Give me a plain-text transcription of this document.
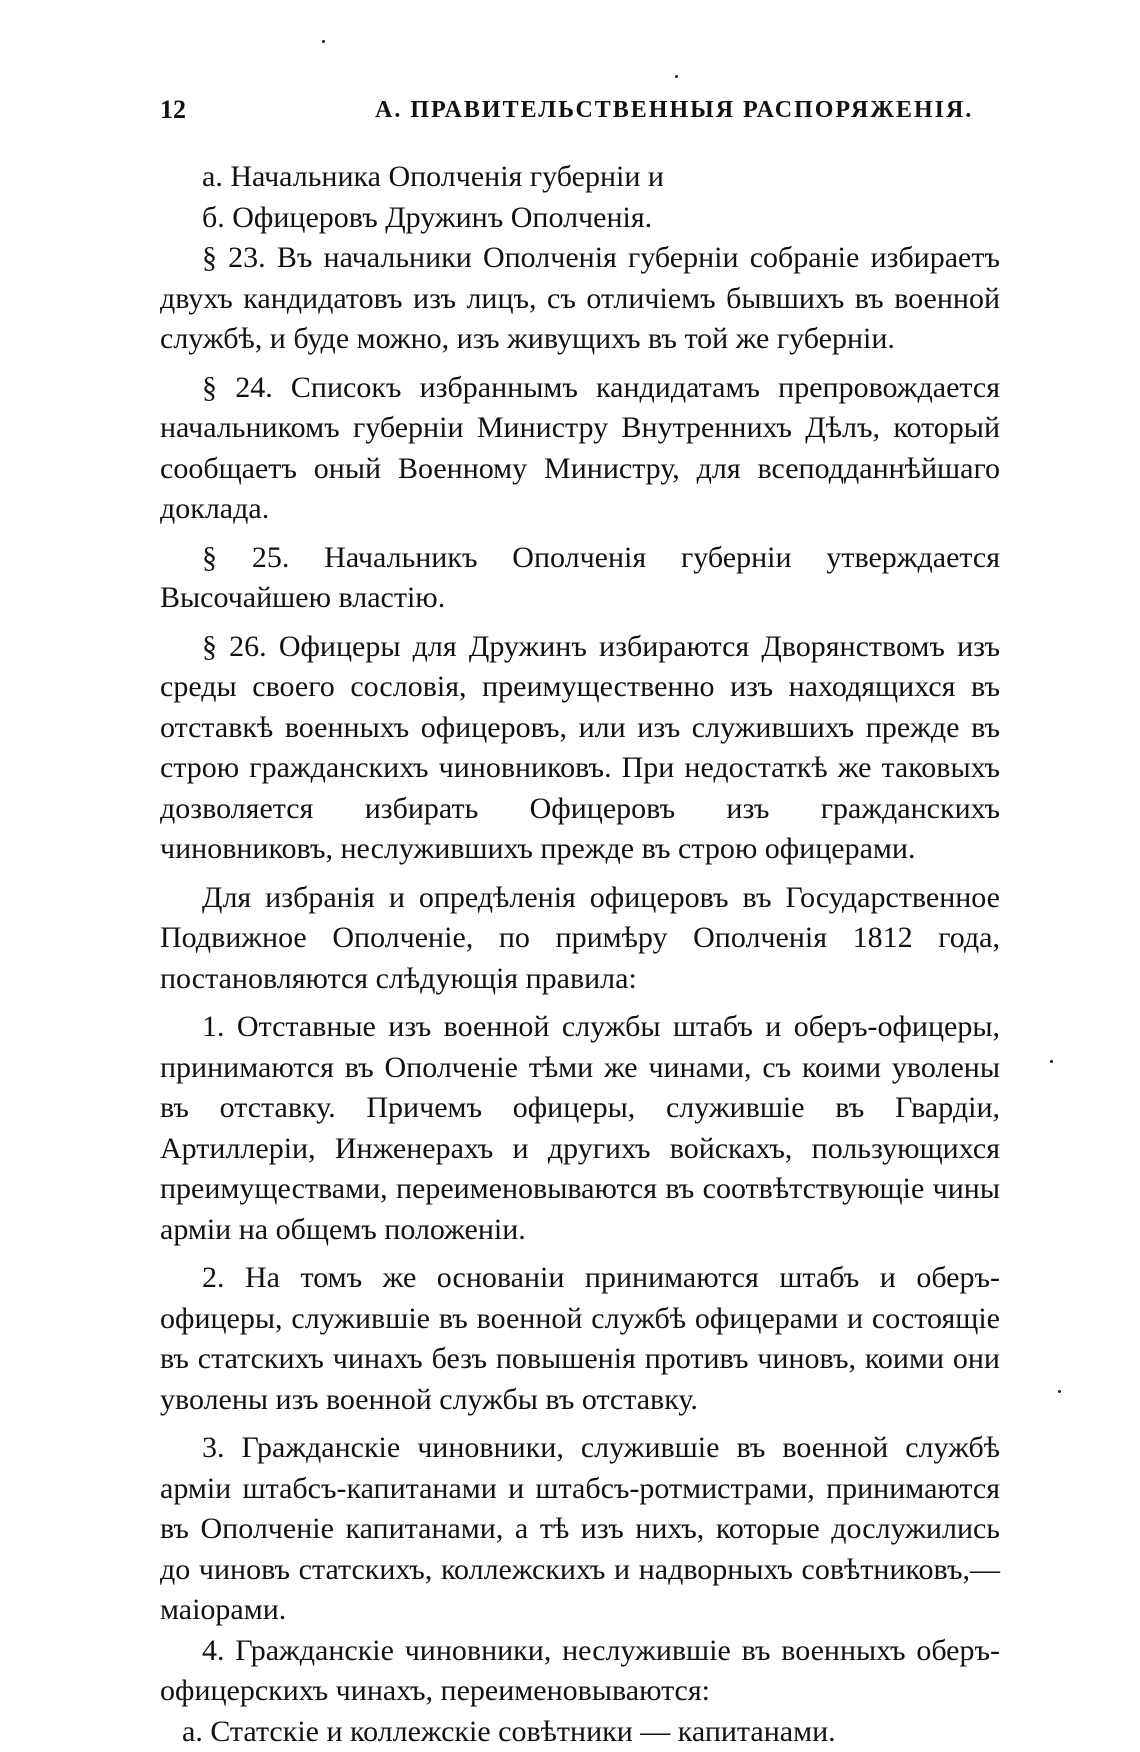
12	А. ПРАВИТЕЛЬСТВЕННЫЯ РАСПОРЯЖЕНІЯ.

а. Начальника Ополченія губерніи и

б. Офицеровъ Дружинъ Ополченія.

§ 23. Въ начальники Ополченія губерніи собраніе избираетъ двухъ кандидатовъ изъ лицъ, съ отличіемъ бывшихъ въ военной службѣ, и буде можно, изъ живущихъ въ той же губерніи.

§ 24. Списокъ избраннымъ кандидатамъ препровождается начальникомъ губерніи Министру Внутреннихъ Дѣлъ, который сообщаетъ оный Военному Министру, для всеподданнѣйшаго доклада.

§ 25. Начальникъ Ополченія губерніи утверждается Высочайшею властію.

§ 26. Офицеры для Дружинъ избираются Дворянствомъ изъ среды своего сословія, преимущественно изъ находящихся въ отставкѣ военныхъ офицеровъ, или изъ служившихъ прежде въ строю гражданскихъ чиновниковъ. При недостаткѣ же таковыхъ дозволяется избирать Офицеровъ изъ гражданскихъ чиновниковъ, неслужившихъ прежде въ строю офицерами.

Для избранія и опредѣленія офицеровъ въ Государственное Подвижное Ополченіе, по примѣру Ополченія 1812 года, постановляются слѣдующія правила:

1. Отставные изъ военной службы штабъ и оберъ-офицеры, принимаются въ Ополченіе тѣми же чинами, съ коими уволены въ отставку. Причемъ офицеры, служившіе въ Гвардіи, Артиллеріи, Инженерахъ и другихъ войскахъ, пользующихся преимуществами, переименовываются въ соотвѣтствующіе чины арміи на общемъ положеніи.

2. На томъ же основаніи принимаются штабъ и оберъ-офицеры, служившіе въ военной службѣ офицерами и состоящіе въ статскихъ чинахъ безъ повышенія противъ чиновъ, коими они уволены изъ военной службы въ отставку.

3. Гражданскіе чиновники, служившіе въ военной службѣ арміи штабсъ-капитанами и штабсъ-ротмистрами, принимаются въ Ополченіе капитанами, а тѣ изъ нихъ, которые дослужились до чиновъ статскихъ, коллежскихъ и надворныхъ совѣтниковъ,—маіорами.

4. Гражданскіе чиновники, неслужившіе въ военныхъ оберъ-офицерскихъ чинахъ, переименовываются:

а. Статскіе и коллежскіе совѣтники — капитанами.
